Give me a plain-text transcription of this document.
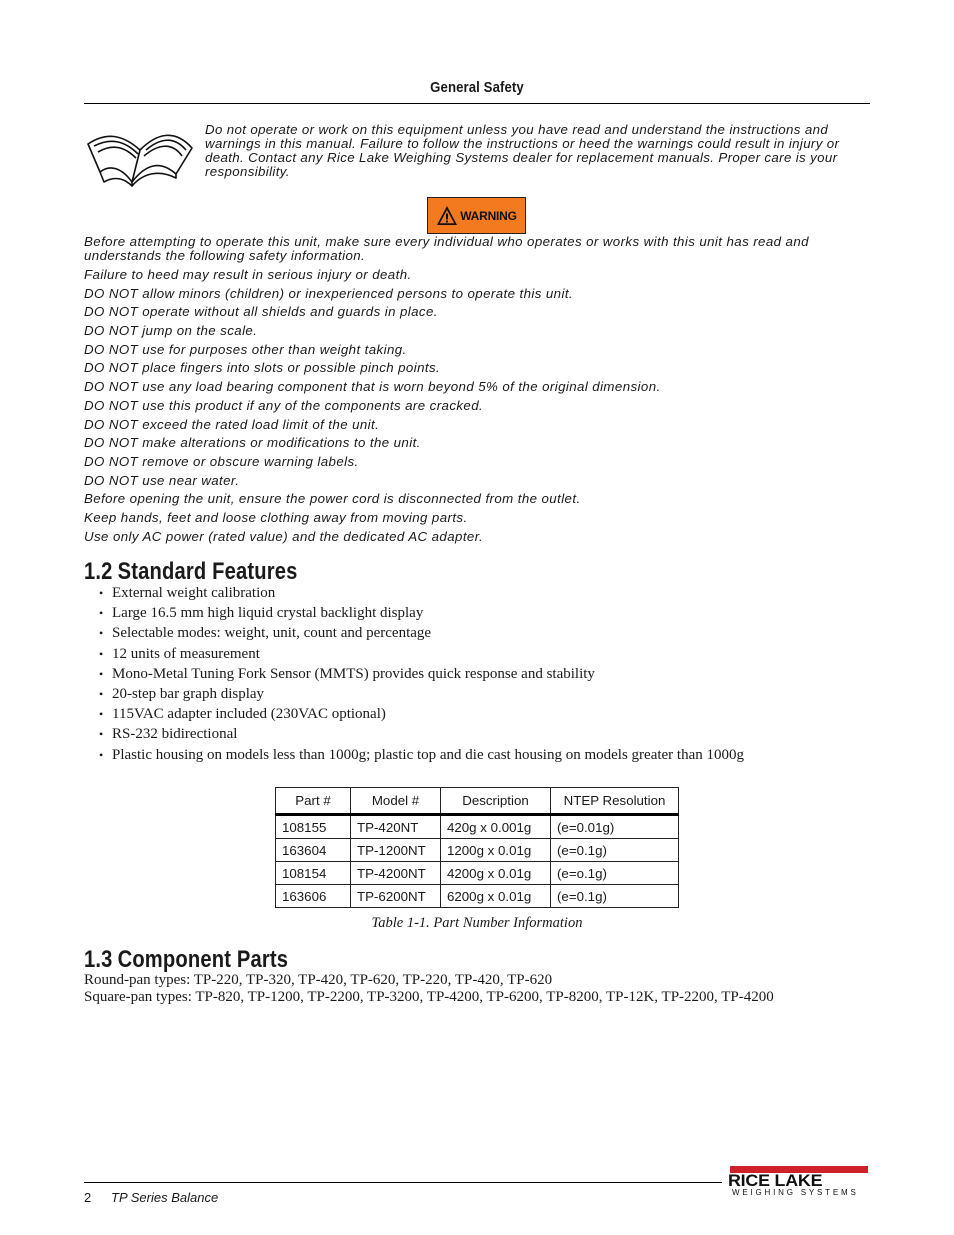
General Safety
Do not operate or work on this equipment unless you have read and understand the instructions and warnings in this manual. Failure to follow the instructions or heed the warnings could result in injury or death. Contact any Rice Lake Weighing Systems dealer for replacement manuals. Proper care is your responsibility.
WARNING
Before attempting to operate this unit, make sure every individual who operates or works with this unit has read and understands the following safety information.
Failure to heed may result in serious injury or death.
DO NOT allow minors (children) or inexperienced persons to operate this unit.
DO NOT operate without all shields and guards in place.
DO NOT jump on the scale.
DO NOT use for purposes other than weight taking.
DO NOT place fingers into slots or possible pinch points.
DO NOT use any load bearing component that is worn beyond 5% of the original dimension.
DO NOT use this product if any of the components are cracked.
DO NOT exceed the rated load limit of the unit.
DO NOT make alterations or modifications to the unit.
DO NOT remove or obscure warning labels.
DO NOT use near water.
Before opening the unit, ensure the power cord is disconnected from the outlet.
Keep hands, feet and loose clothing away from moving parts.
Use only AC power (rated value) and the dedicated AC adapter.
1.2 Standard Features
• External weight calibration
• Large 16.5 mm high liquid crystal backlight display
• Selectable modes: weight, unit, count and percentage
• 12 units of measurement
• Mono-Metal Tuning Fork Sensor (MMTS) provides quick response and stability
• 20-step bar graph display
• 115VAC adapter included (230VAC optional)
• RS-232 bidirectional
• Plastic housing on models less than 1000g; plastic top and die cast housing on models greater than 1000g
Part #	Model #	Description	NTEP Resolution
108155	TP-420NT	420g x 0.001g	(e=0.01g)
163604	TP-1200NT	1200g x 0.01g	(e=0.1g)
108154	TP-4200NT	4200g x 0.01g	(e=o.1g)
163606	TP-6200NT	6200g x 0.01g	(e=0.1g)
Table 1-1. Part Number Information
1.3 Component Parts
Round-pan types: TP-220, TP-320, TP-420, TP-620, TP-220, TP-420, TP-620
Square-pan types: TP-820, TP-1200, TP-2200, TP-3200, TP-4200, TP-6200, TP-8200, TP-12K, TP-2200, TP-4200
2 TP Series Balance
RICE LAKE
WEIGHING SYSTEMS
